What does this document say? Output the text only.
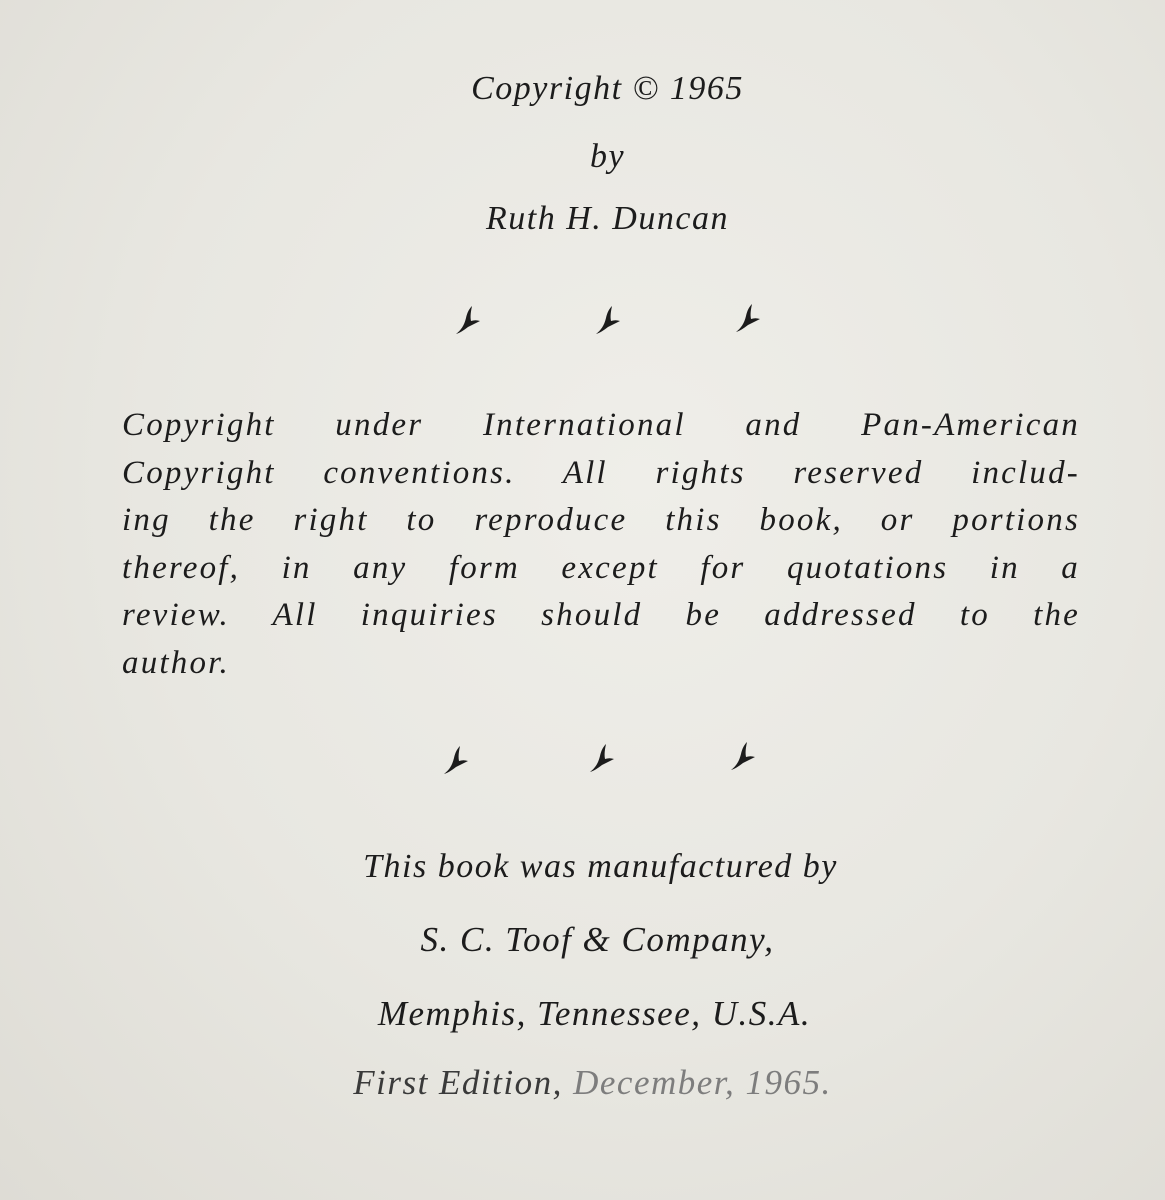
Copyright © 1965
by
Ruth H. Duncan
Copyright under International and Pan-American
Copyright conventions. All rights reserved includ-
ing the right to reproduce this book, or portions
thereof, in any form except for quotations in a
review. All inquiries should be addressed to the
author.
This book was manufactured by
S. C. Toof & Company,
Memphis, Tennessee, U.S.A.
First Edition, December, 1965.
